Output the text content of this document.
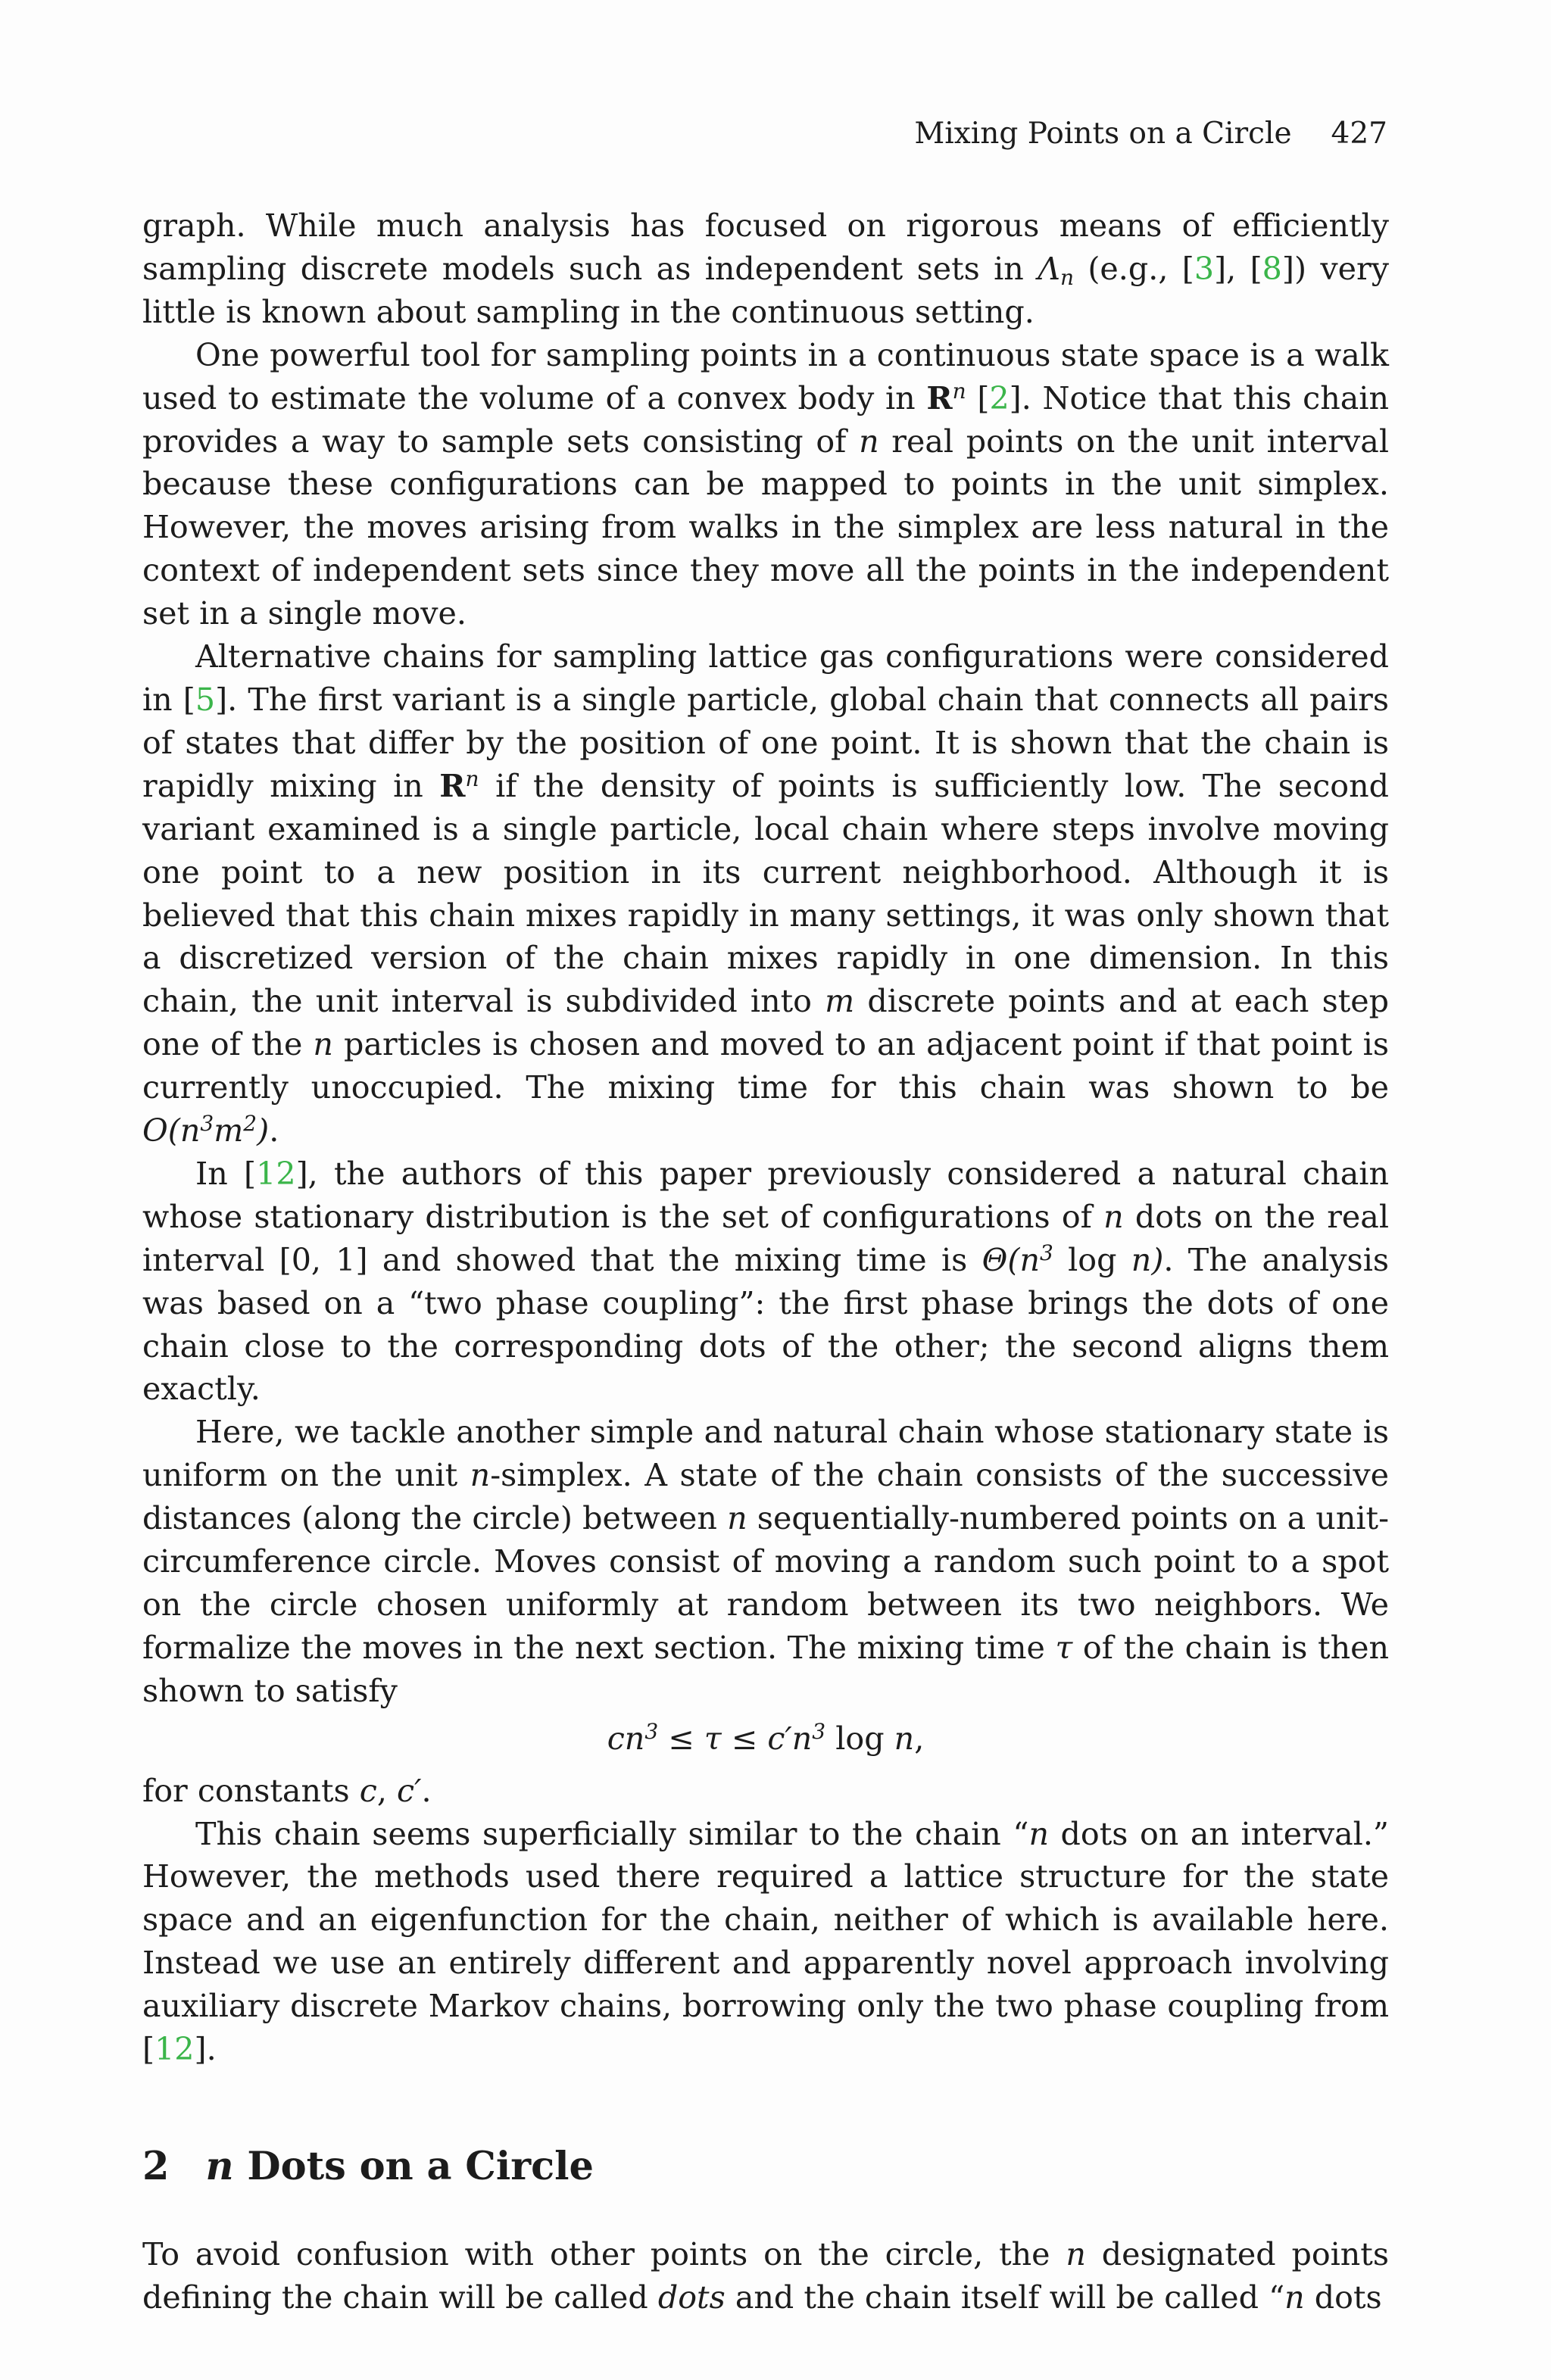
Mixing Points on a Circle 427

graph. While much analysis has focused on rigorous means of efficiently sampling discrete models such as independent sets in $\Lambda_n$ (e.g., [3], [8]) very little is known about sampling in the continuous setting.

One powerful tool for sampling points in a continuous state space is a walk used to estimate the volume of a convex body in $R^n$ [2]. Notice that this chain provides a way to sample sets consisting of n real points on the unit interval because these configurations can be mapped to points in the unit simplex. However, the moves arising from walks in the simplex are less natural in the context of independent sets since they move all the points in the independent set in a single move.

Alternative chains for sampling lattice gas configurations were considered in [5]. The first variant is a single particle, global chain that connects all pairs of states that differ by the position of one point. It is shown that the chain is rapidly mixing in $R^n$ if the density of points is sufficiently low. The second variant examined is a single particle, local chain where steps involve moving one point to a new position in its current neighborhood. Although it is believed that this chain mixes rapidly in many settings, it was only shown that a discretized version of the chain mixes rapidly in one dimension. In this chain, the unit interval is subdivided into m discrete points and at each step one of the n particles is chosen and moved to an adjacent point if that point is currently unoccupied. The mixing time for this chain was shown to be $O(n^3m^2)$.

In [12], the authors of this paper previously considered a natural chain whose stationary distribution is the set of configurations of n dots on the real interval [0, 1] and showed that the mixing time is $\Theta(n^3$ log n). The analysis was based on a “two phase coupling”: the first phase brings the dots of one chain close to the corresponding dots of the other; the second aligns them exactly.

Here, we tackle another simple and natural chain whose stationary state is uniform on the unit n-simplex. A state of the chain consists of the successive distances (along the circle) between n sequentially-numbered points on a unit-circumference circle. Moves consist of moving a random such point to a spot on the circle chosen uniformly at random between its two neighbors. We formalize the moves in the next section. The mixing time τ of the chain is then shown to satisfy

$cn^3 \le \tau \le c'n^3$ log n,

for constants c, c′.

This chain seems superficially similar to the chain “n dots on an interval.” However, the methods used there required a lattice structure for the state space and an eigenfunction for the chain, neither of which is available here. Instead we use an entirely different and apparently novel approach involving auxiliary discrete Markov chains, borrowing only the two phase coupling from [12].

2 n Dots on a Circle

To avoid confusion with other points on the circle, the n designated points defining the chain will be called dots and the chain itself will be called “n dots
